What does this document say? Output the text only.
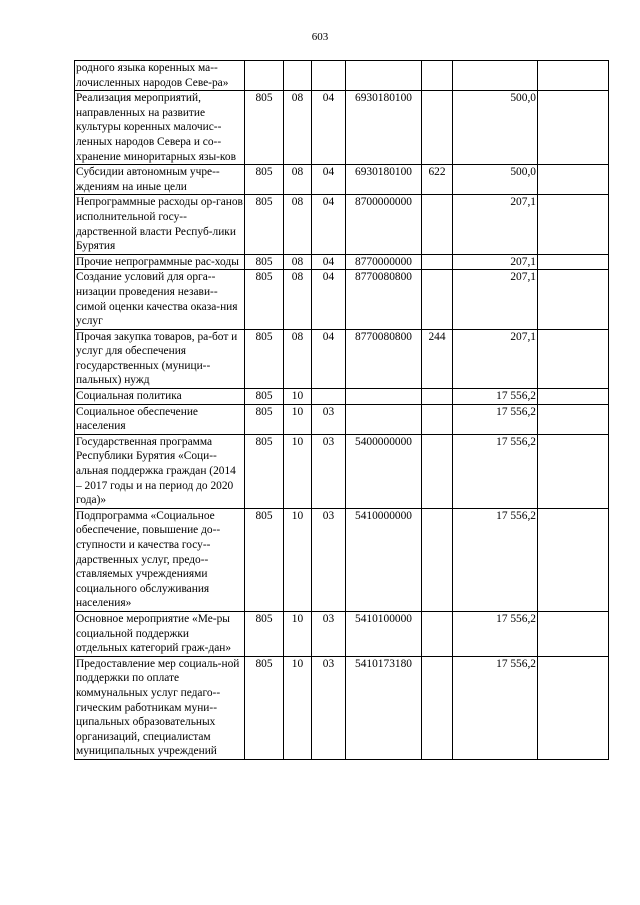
603
родного языка коренных ма-лочисленных народов Севе-ра»							
Реализация мероприятий, направленных на развитие культуры коренных малочис-ленных народов Севера и со-хранение миноритарных язы-ков	805	08	04	6930180100		500,0	
Субсидии автономным учре-ждениям на иные цели	805	08	04	6930180100	622	500,0	
Непрограммные расходы ор-ганов исполнительной госу-дарственной власти Респуб-лики Бурятия	805	08	04	8700000000		207,1	
Прочие непрограммные рас-ходы	805	08	04	8770000000		207,1	
Создание условий для орга-низации проведения незави-симой оценки качества оказа-ния услуг	805	08	04	8770080800		207,1	
Прочая закупка товаров, ра-бот и услуг для обеспечения государственных (муници-пальных) нужд	805	08	04	8770080800	244	207,1	
Социальная политика	805	10				17 556,2	
Социальное обеспечение населения	805	10	03			17 556,2	
Государственная программа Республики Бурятия «Соци-альная поддержка граждан (2014 – 2017 годы и на период до 2020 года)»	805	10	03	5400000000		17 556,2	
Подпрограмма «Социальное обеспечение, повышение до-ступности и качества госу-дарственных услуг, предо-ставляемых учреждениями социального обслуживания населения»	805	10	03	5410000000		17 556,2	
Основное мероприятие «Ме-ры социальной поддержки отдельных категорий граж-дан»	805	10	03	5410100000		17 556,2	
Предоставление мер социаль-ной поддержки по оплате коммунальных услуг педаго-гическим работникам муни-ципальных образовательных организаций, специалистам муниципальных учреждений	805	10	03	5410173180		17 556,2	
